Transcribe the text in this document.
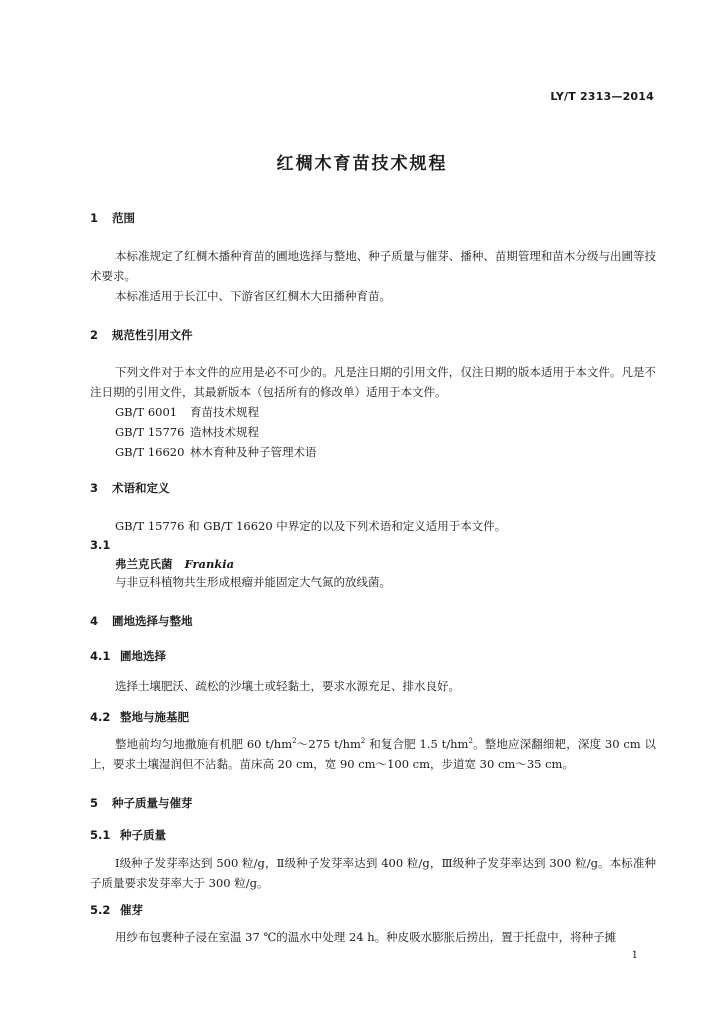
LY/T 2313—2014
红椆木育苗技术规程
1 范围
本标准规定了红椆木播种育苗的圃地选择与整地、种子质量与催芽、播种、苗期管理和苗木分级与出圃等技术要求。
本标准适用于长江中、下游省区红椆木大田播种育苗。
2 规范性引用文件
下列文件对于本文件的应用是必不可少的。凡是注日期的引用文件，仅注日期的版本适用于本文件。凡是不注日期的引用文件，其最新版本（包括所有的修改单）适用于本文件。
GB/T 6001 育苗技术规程
GB/T 15776 造林技术规程
GB/T 16620 林木育种及种子管理术语
3 术语和定义
GB/T 15776 和 GB/T 16620 中界定的以及下列术语和定义适用于本文件。
3.1
弗兰克氏菌 Frankia
与非豆科植物共生形成根瘤并能固定大气氮的放线菌。
4 圃地选择与整地
4.1 圃地选择
选择土壤肥沃、疏松的沙壤土或轻黏土，要求水源充足、排水良好。
4.2 整地与施基肥
整地前均匀地撒施有机肥 60 $t/hm^2\sim 275$ $t/hm^2$ 和复合肥 1.5 $t/hm^2$。整地应深翻细耙，深度 30 cm 以上，要求土壤湿润但不沾黏。苗床高 20 cm，宽 90 cm～100 cm，步道宽 30 cm～35 cm。
5 种子质量与催芽
5.1 种子质量
Ⅰ级种子发芽率达到 500 粒/g，Ⅱ级种子发芽率达到 400 粒/g，Ⅲ级种子发芽率达到 300 粒/g。本标准种子质量要求发芽率大于 300 粒/g。
5.2 催芽
用纱布包裹种子浸在室温 37 ℃的温水中处理 24 h。种皮吸水膨胀后捞出，置于托盘中，将种子摊
1
